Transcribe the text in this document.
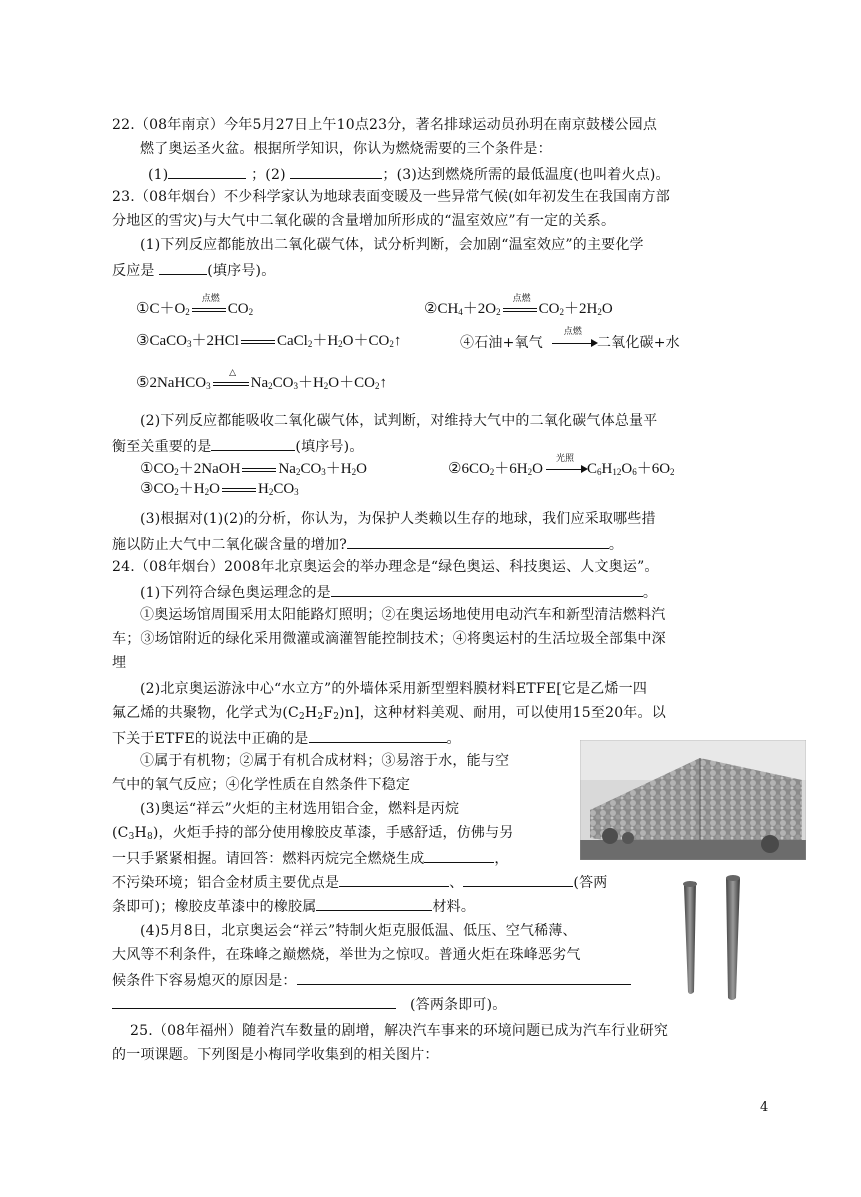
22.（08年南京）今年5月27日上午10点23分，著名排球运动员孙玥在南京鼓楼公园点
燃了奥运圣火盆。根据所学知识，你认为燃烧需要的三个条件是：
(1)	；(2)	；(3)达到燃烧所需的最低温度(也叫着火点)。
23.（08年烟台）不少科学家认为地球表面变暖及一些异常气候(如年初发生在我国南方部
分地区的雪灾)与大气中二氧化碳的含量增加所形成的“温室效应”有一定的关系。
(1)下列反应都能放出二氧化碳气体，试分析判断，会加剧“温室效应”的主要化学
反应是	(填序号)。
$①C+O_2$
点燃
$CO_2$	$②CH_4+2O_2$
点燃
$CO_2+2H_2O$
③CaCO$_3$＋2HCl	$CaCl_2+H_2O+CO_2↑$	④石油+氧气
点燃
二氧化碳+水
⑤2NaHCO$_3$
△
$Na_2CO_3+H_2O+CO_2↑$
(2)下列反应都能吸收二氧化碳气体，试判断，对维持大气中的二氧化碳气体总量平
衡至关重要的是	(填序号)。
$①CO_2+2NaOH$	$Na_2CO_3+H_2O$	$②6CO_2+6H_2O$
光照
$C_6H_{12}O_6+6O_2$
$③CO_2+H_2O$	$H_2CO_3$
(3)根据对(1)(2)的分析，你认为，为保护人类赖以生存的地球，我们应采取哪些措
施以防止大气中二氧化碳含量的增加?	。
24.（08年烟台）2008年北京奥运会的举办理念是“绿色奥运、科技奥运、人文奥运”。
(1)下列符合绿色奥运理念的是	。
①奥运场馆周围采用太阳能路灯照明；②在奥运场地使用电动汽车和新型清洁燃料汽
车；③场馆附近的绿化采用微灌或滴灌智能控制技术；④将奥运村的生活垃圾全部集中深
埋
(2)北京奥运游泳中心“水立方”的外墙体采用新型塑料膜材料ETFE[它是乙烯一四
氟乙烯的共聚物，化学式为$(C_2H_2F_2)n$]，这种材料美观、耐用，可以使用15至20年。以
下关于ETFE的说法中正确的是	。
①属于有机物；②属于有机合成材料；③易溶于水，能与空
气中的氧气反应；④化学性质在自然条件下稳定
(3)奥运“祥云”火炬的主材选用铝合金，燃料是丙烷
$(C_3H_8)$，火炬手持的部分使用橡胶皮革漆，手感舒适，仿佛与另
一只手紧紧相握。请回答：燃料丙烷完全燃烧生成	，
不污染环境；铝合金材质主要优点是	、	(答两
条即可)；橡胶皮革漆中的橡胶属	材料。
(4)5月8日，北京奥运会“祥云”特制火炬克服低温、低压、空气稀薄、
大风等不利条件，在珠峰之巅燃烧，举世为之惊叹。普通火炬在珠峰恶劣气
候条件下容易熄灭的原因是：
(答两条即可)。
25.（08年福州）随着汽车数量的剧增，解决汽车事来的环境问题已成为汽车行业研究
的一项课题。下列图是小梅同学收集到的相关图片：
4
